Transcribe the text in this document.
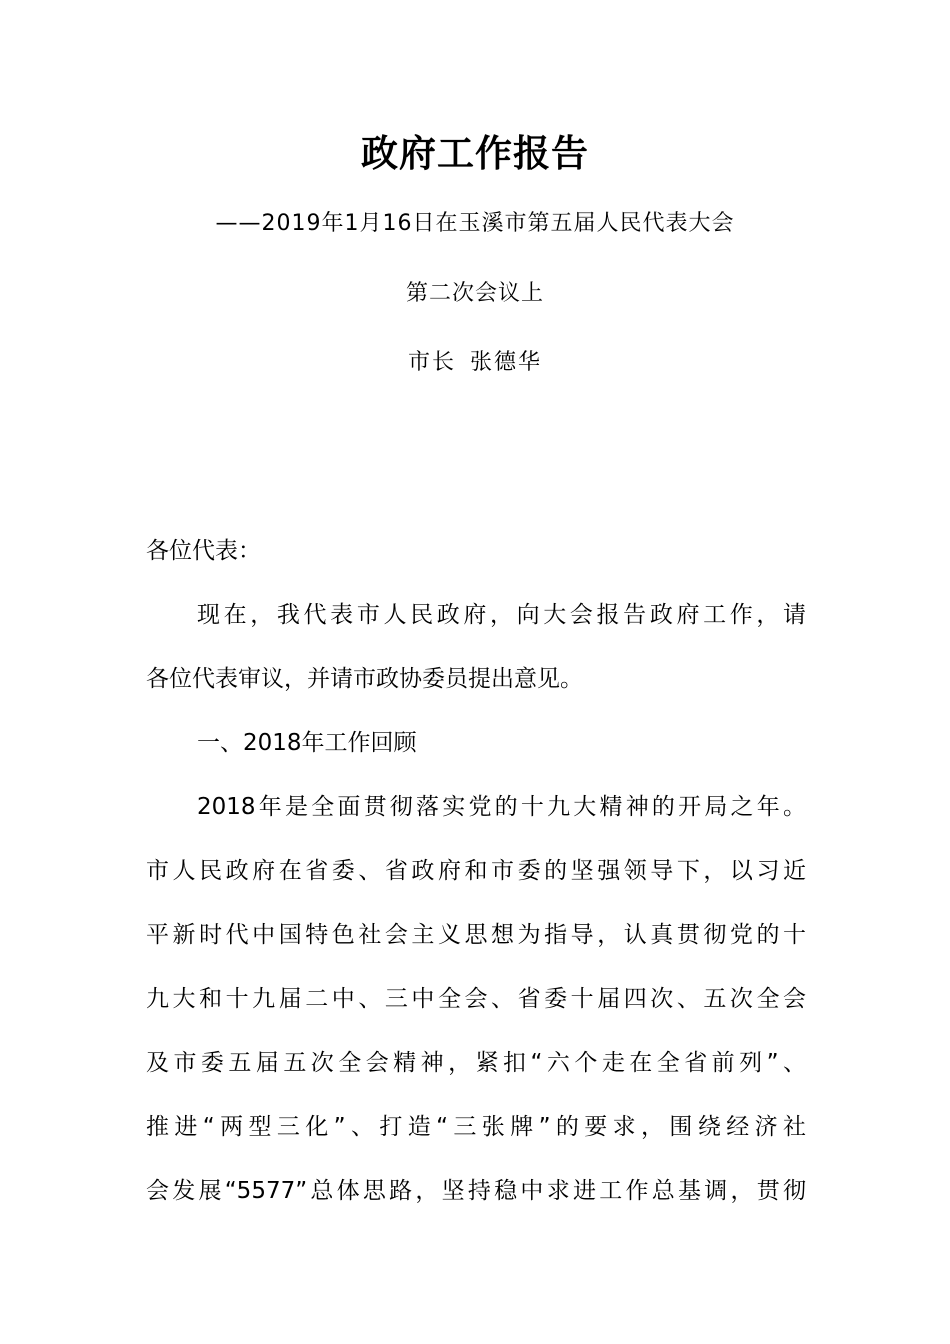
政府工作报告
——2019年1月16日在玉溪市第五届人民代表大会
第二次会议上
市长 张德华
各位代表：
现在，我代表市人民政府，向大会报告政府工作，请
各位代表审议，并请市政协委员提出意见。
一、2018年工作回顾
2018年是全面贯彻落实党的十九大精神的开局之年。
市人民政府在省委、省政府和市委的坚强领导下，以习近
平新时代中国特色社会主义思想为指导，认真贯彻党的十
九大和十九届二中、三中全会、省委十届四次、五次全会
及市委五届五次全会精神，紧扣“六个走在全省前列”、
推进“两型三化”、打造“三张牌”的要求，围绕经济社
会发展“5577”总体思路，坚持稳中求进工作总基调，贯彻
